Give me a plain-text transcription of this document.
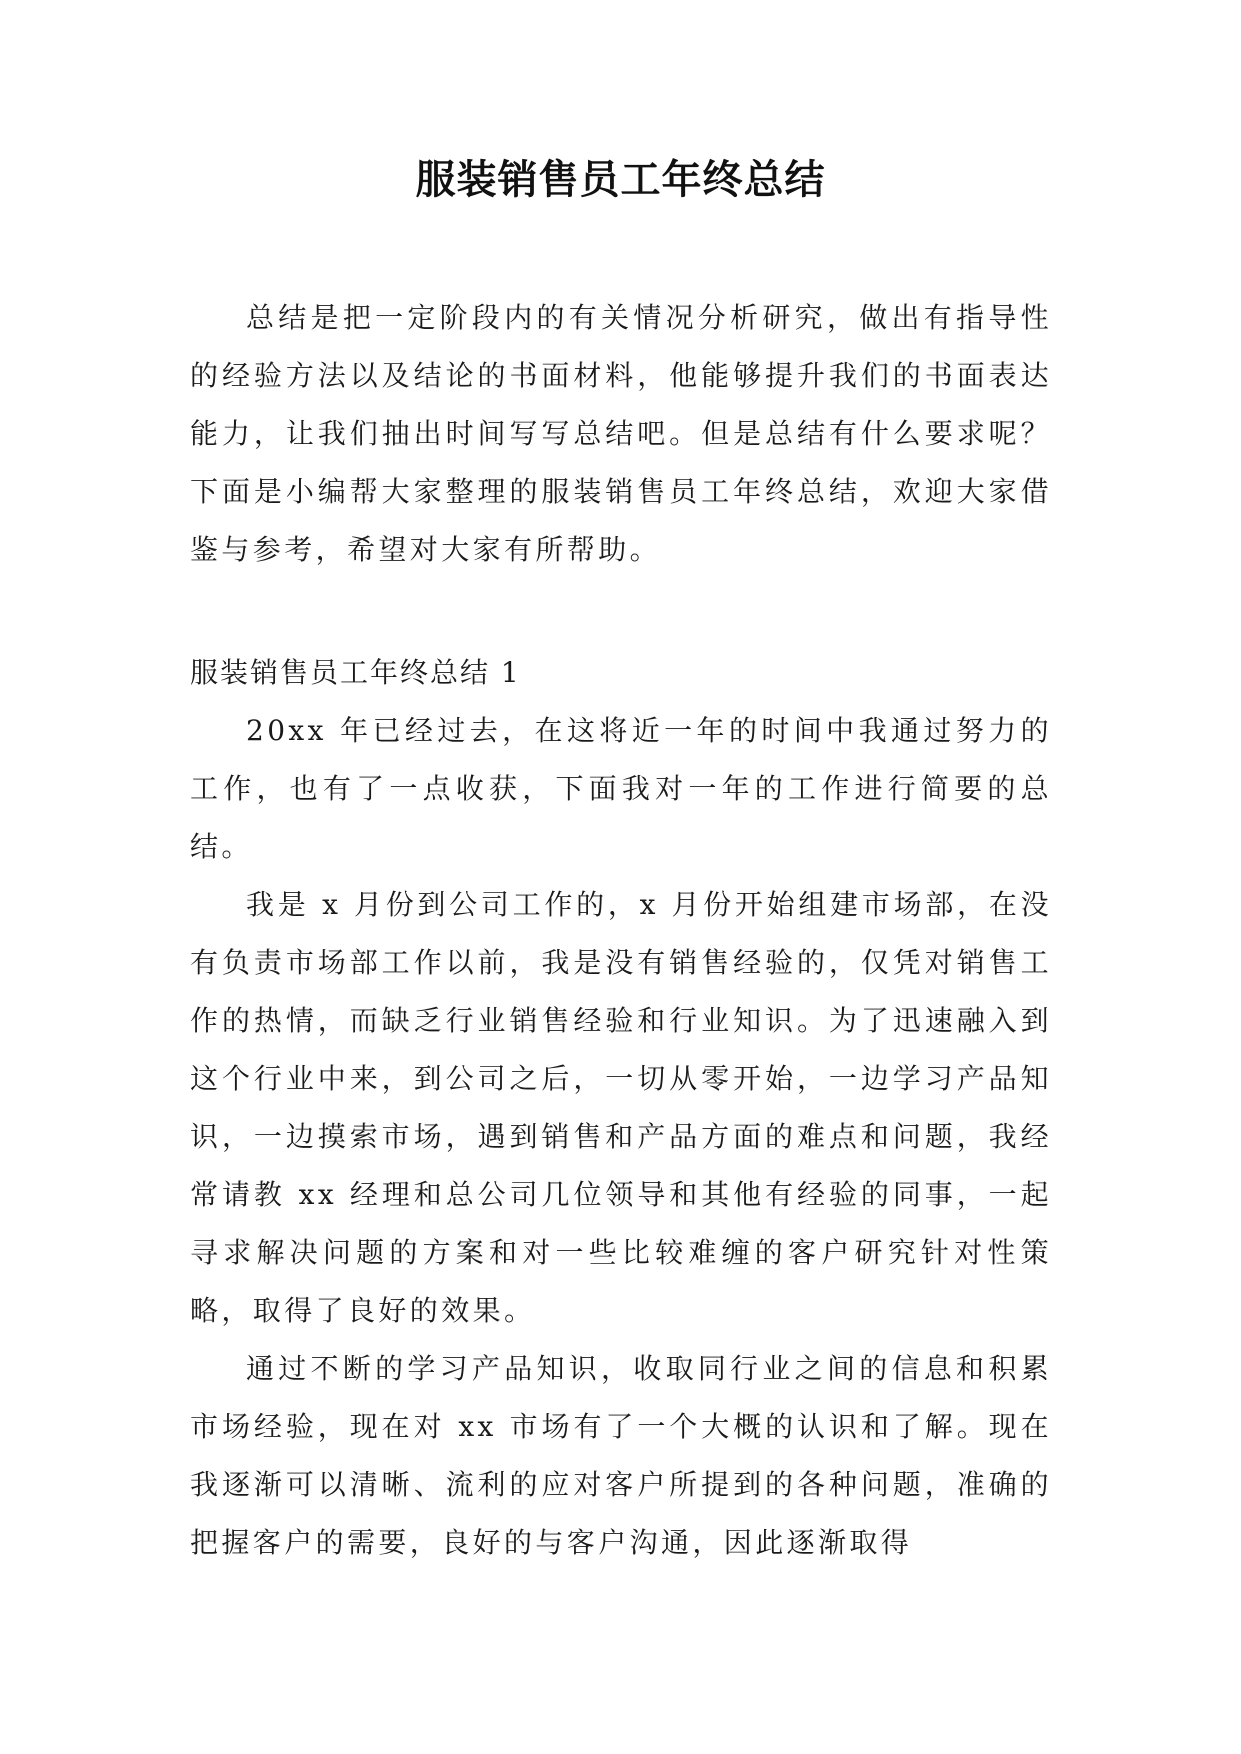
服装销售员工年终总结

总结是把一定阶段内的有关情况分析研究，做出有指导性的经验方法以及结论的书面材料，他能够提升我们的书面表达能力，让我们抽出时间写写总结吧。但是总结有什么要求呢？下面是小编帮大家整理的服装销售员工年终总结，欢迎大家借鉴与参考，希望对大家有所帮助。

服装销售员工年终总结 1

20xx 年已经过去，在这将近一年的时间中我通过努力的工作，也有了一点收获，下面我对一年的工作进行简要的总结。

我是 x 月份到公司工作的，x 月份开始组建市场部，在没有负责市场部工作以前，我是没有销售经验的，仅凭对销售工作的热情，而缺乏行业销售经验和行业知识。为了迅速融入到这个行业中来，到公司之后，一切从零开始，一边学习产品知识，一边摸索市场，遇到销售和产品方面的难点和问题，我经常请教 xx 经理和总公司几位领导和其他有经验的同事，一起寻求解决问题的方案和对一些比较难缠的客户研究针对性策略，取得了良好的效果。

通过不断的学习产品知识，收取同行业之间的信息和积累市场经验，现在对 xx 市场有了一个大概的认识和了解。现在我逐渐可以清晰、流利的应对客户所提到的各种问题，准确的把握客户的需要，良好的与客户沟通，因此逐渐取得
